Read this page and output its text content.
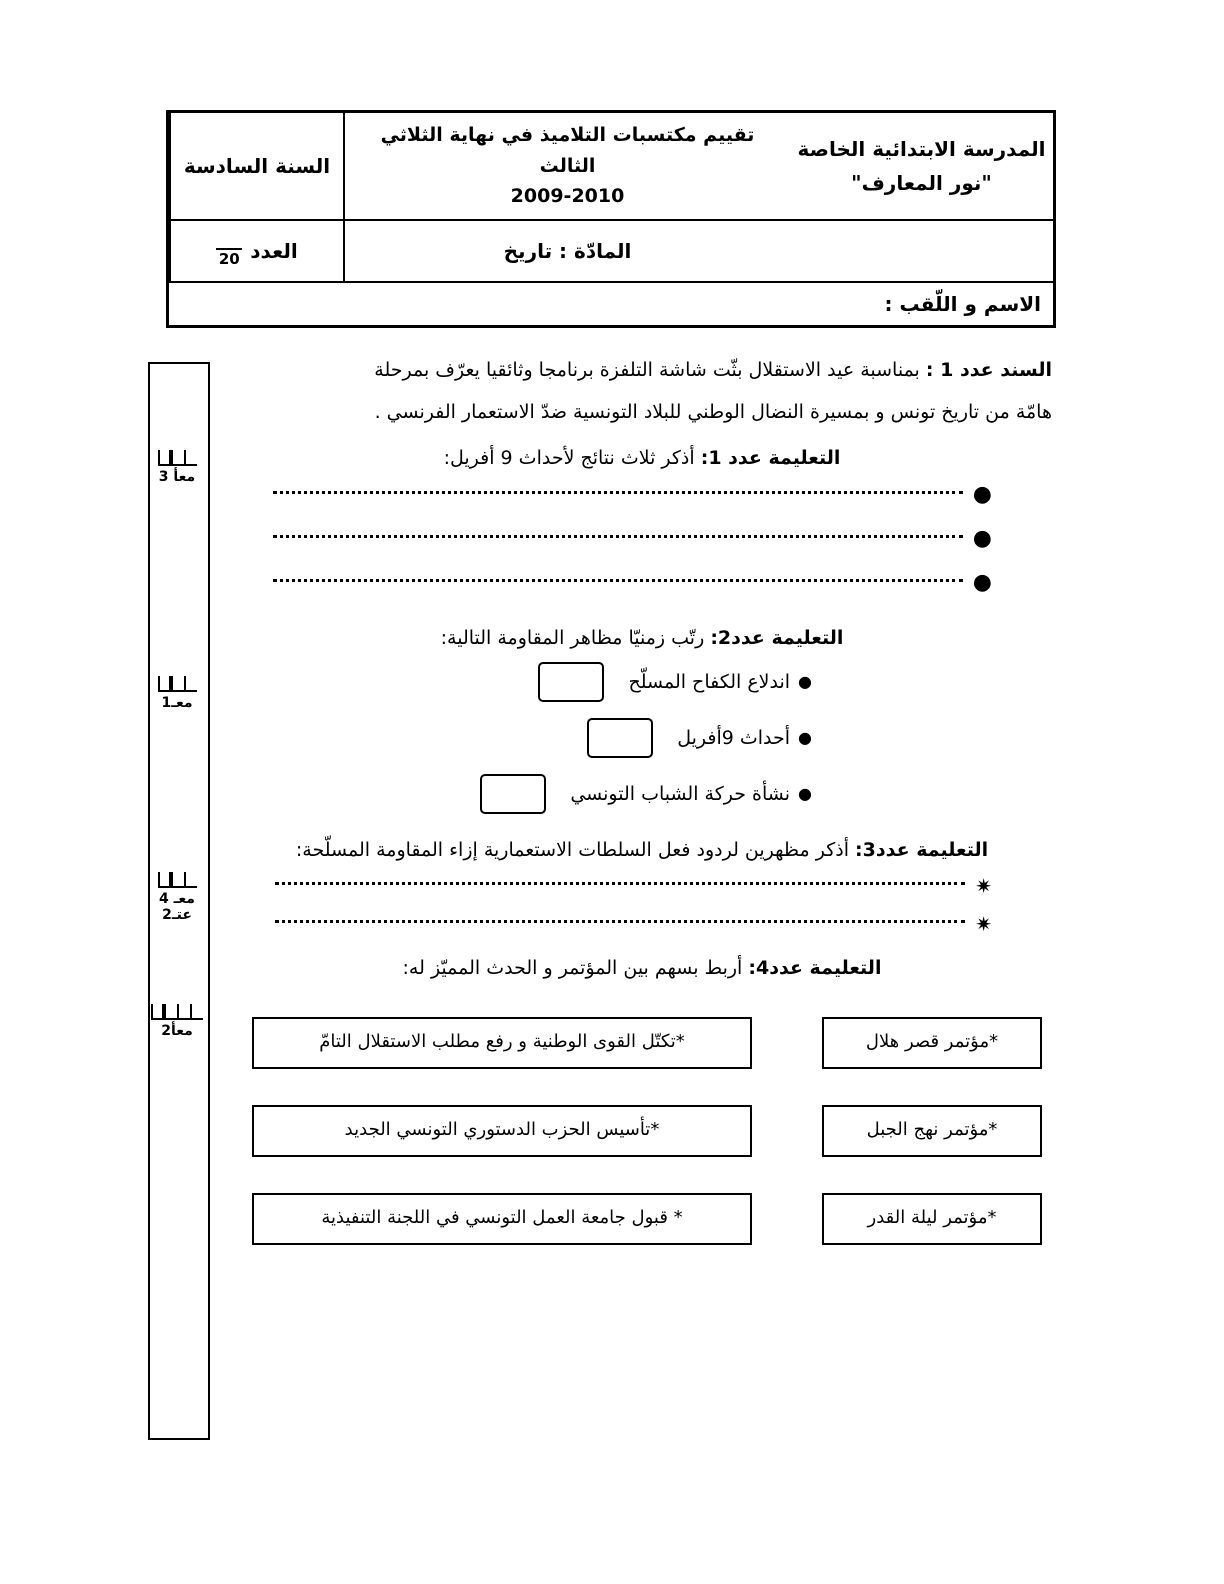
المدرسة الابتدائية الخاصة
"نور المعارف"
تقييم مكتسبات التلاميذ في نهاية الثلاثي الثالث
2009-2010
السنة السادسة
المادّة : تاريخ
العدد
20
الاسم و اللّقب :
معأ 3
معـ1
معـ 4 عتـ2
معأ2

السند عدد 1 : بمناسبة عيد الاستقلال بثّت شاشة التلفزة برنامجا وثائقيا يعرّف بمرحلة

هامّة من تاريخ تونس و بمسيرة النضال الوطني للبلاد التونسية ضدّ الاستعمار الفرنسي .

التعليمة عدد 1: أذكر ثلاث نتائج لأحداث 9 أفريل:

●
●
●

التعليمة عدد2: رتّب زمنيّا مظاهر المقاومة التالية:

●
اندلاع الكفاح المسلّح
●
أحداث 9أفريل
●
نشأة حركة الشباب التونسي

التعليمة عدد3: أذكر مظهرين لردود فعل السلطات الاستعمارية إزاء المقاومة المسلّحة:

✷
✷

التعليمة عدد4: أربط بسهم بين المؤتمر و الحدث المميّز له:

*مؤتمر قصر هلال
*مؤتمر نهج الجبل
*مؤتمر ليلة القدر
*تكتّل القوى الوطنية و رفع مطلب الاستقلال التامّ
*تأسيس الحزب الدستوري التونسي الجديد
* قبول جامعة العمل التونسي في اللجنة التنفيذية
